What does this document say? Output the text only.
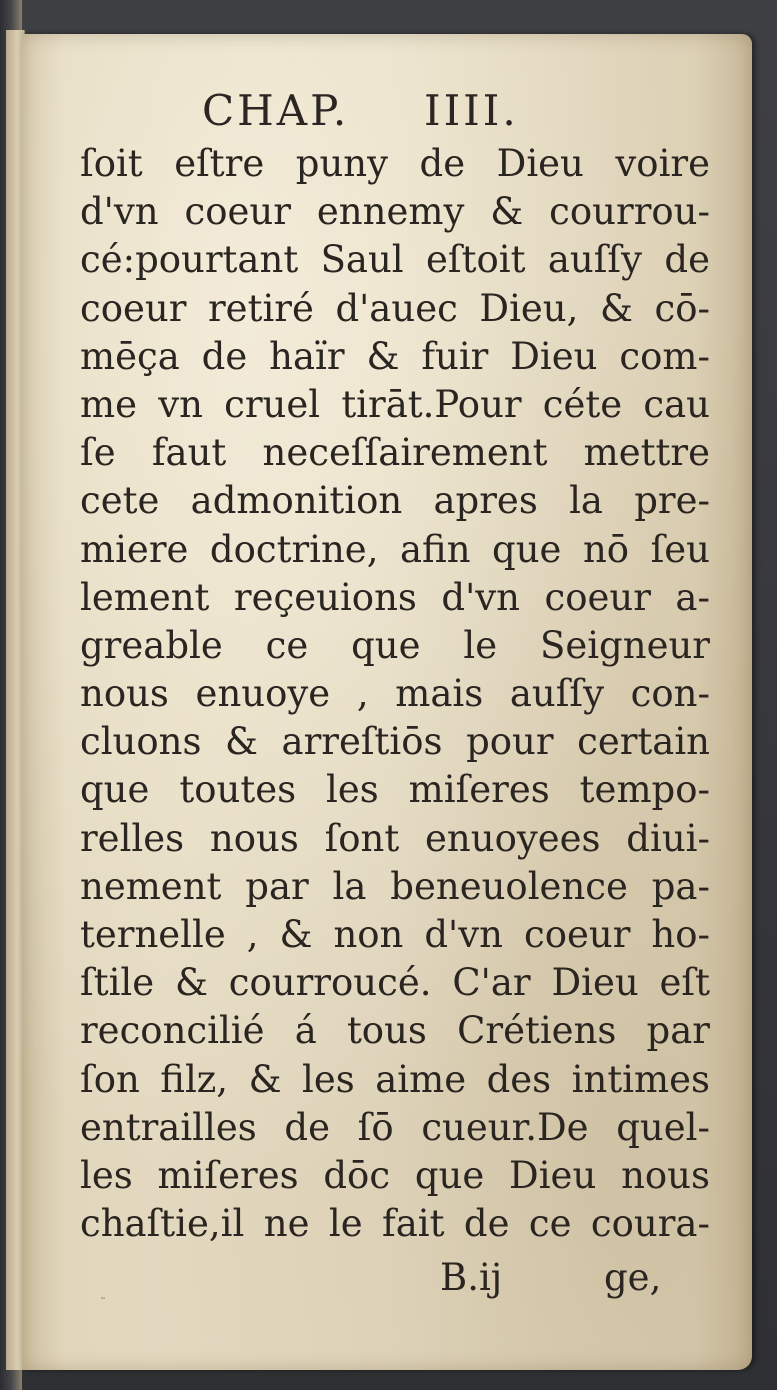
CHAP. IIII.
ſoit eſtre puny de Dieu voire
d'vn coeur ennemy & courrou-
cé:pourtant Saul eſtoit auſſy de
coeur retiré d'auec Dieu, & cō-
mēça de haïr & fuir Dieu com-
me vn cruel tirāt.Pour céte cau
ſe faut neceſſairement mettre
cete admonition apres la pre-
miere doctrine, afin que nō ſeu
lement reçeuions d'vn coeur a-
greable ce que le Seigneur
nous enuoye , mais auſſy con-
cluons & arreſtiōs pour certain
que toutes les miſeres tempo-
relles nous ſont enuoyees diui-
nement par la beneuolence pa-
ternelle , & non d'vn coeur ho-
ſtile & courroucé. C'ar Dieu eſt
reconcilié á tous Crétiens par
ſon filz, & les aime des intimes
entrailles de ſō cueur.De quel-
les miſeres dōc que Dieu nous
chaſtie,il ne le fait de ce coura-
B.ij	ge,
˜
